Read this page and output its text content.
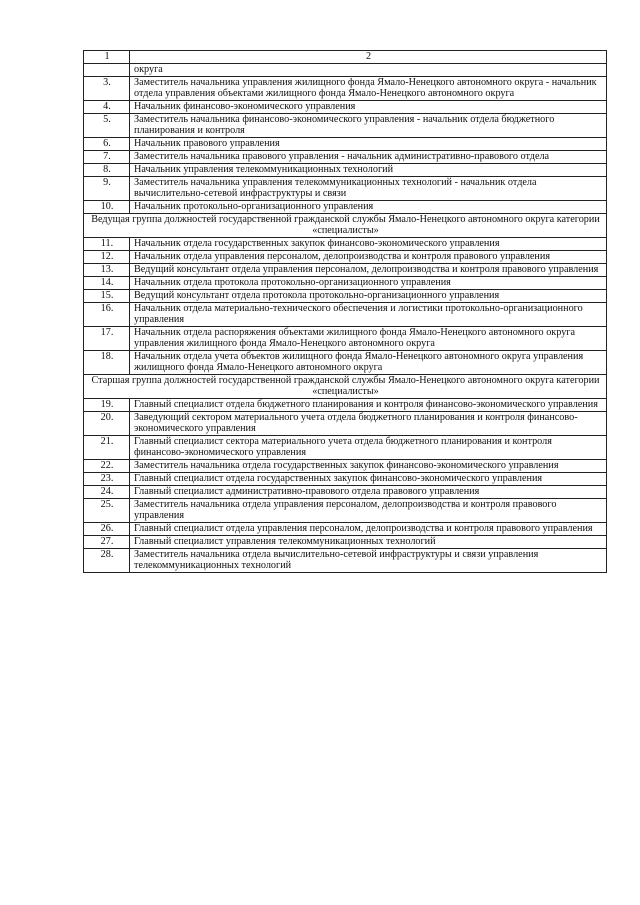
1	2
	округа
3.	Заместитель начальника управления жилищного фонда Ямало-Ненецкого автономного округа - начальник отдела управления объектами жилищного фонда Ямало-Ненецкого автономного округа
4.	Начальник финансово-экономического управления
5.	Заместитель начальника финансово-экономического управления - начальник отдела бюджетного планирования и контроля
6.	Начальник правового управления
7.	Заместитель начальника правового управления - начальник административно-правового отдела
8.	Начальник управления телекоммуникационных технологий
9.	Заместитель начальника управления телекоммуникационных технологий - начальник отдела вычислительно-сетевой инфраструктуры и связи
10.	Начальник протокольно-организационного управления
Ведущая группа должностей государственной гражданской службы Ямало-Ненецкого автономного округа категории «специалисты»	
11.	Начальник отдела государственных закупок финансово-экономического управления
12.	Начальник отдела управления персоналом, делопроизводства и контроля правового управления
13.	Ведущий консультант отдела управления персоналом, делопроизводства и контроля правового управления
14.	Начальник отдела протокола протокольно-организационного управления
15.	Ведущий консультант отдела протокола протокольно-организационного управления
16.	Начальник отдела материально-технического обеспечения и логистики протокольно-организационного управления
17.	Начальник отдела распоряжения объектами жилищного фонда Ямало-Ненецкого автономного округа управления жилищного фонда Ямало-Ненецкого автономного округа
18.	Начальник отдела учета объектов жилищного фонда Ямало-Ненецкого автономного округа управления жилищного фонда Ямало-Ненецкого автономного округа
Старшая группа должностей государственной гражданской службы Ямало-Ненецкого автономного округа категории «специалисты»	
19.	Главный специалист отдела бюджетного планирования и контроля финансово-экономического управления
20.	Заведующий сектором материального учета отдела бюджетного планирования и контроля финансово-экономического управления
21.	Главный специалист сектора материального учета отдела бюджетного планирования и контроля финансово-экономического управления
22.	Заместитель начальника отдела государственных закупок финансово-экономического управления
23.	Главный специалист отдела государственных закупок финансово-экономического управления
24.	Главный специалист административно-правового отдела правового управления
25.	Заместитель начальника отдела управления персоналом, делопроизводства и контроля правового управления
26.	Главный специалист отдела управления персоналом, делопроизводства и контроля правового управления
27.	Главный специалист управления телекоммуникационных технологий
28.	Заместитель начальника отдела вычислительно-сетевой инфраструктуры и связи управления телекоммуникационных технологий
